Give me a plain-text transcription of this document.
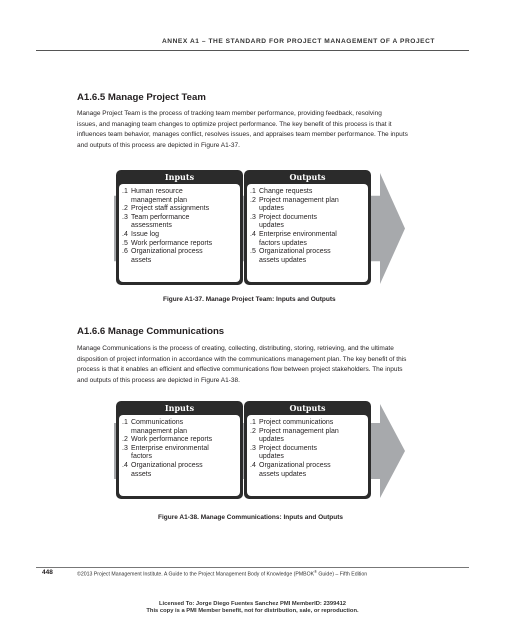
ANNEX A1 – THE STANDARD FOR PROJECT MANAGEMENT OF A PROJECT
A1.6.5 Manage Project Team
Manage Project Team is the process of tracking team member performance, providing feedback, resolving
issues, and managing team changes to optimize project performance. The key benefit of this process is that it
influences team behavior, manages conflict, resolves issues, and appraises team member performance. The inputs
and outputs of this process are depicted in Figure A1-37.
Inputs	Outputs
.1 Human resource
management plan
.2 Project staff assignments
.3 Team performance
assessments
.4 Issue log
.5 Work performance reports
.6 Organizational process
assets
.1 Change requests
.2 Project management plan
updates
.3 Project documents
updates
.4 Enterprise environmental
factors updates
.5 Organizational process
assets updates
Figure A1-37. Manage Project Team: Inputs and Outputs
A1.6.6 Manage Communications
Manage Communications is the process of creating, collecting, distributing, storing, retrieving, and the ultimate
disposition of project information in accordance with the communications management plan. The key benefit of this
process is that it enables an efficient and effective communications flow between project stakeholders. The inputs
and outputs of this process are depicted in Figure A1-38.
Inputs	Outputs
.1 Communications
management plan
.2 Work performance reports
.3 Enterprise environmental
factors
.4 Organizational process
assets
.1 Project communications
.2 Project management plan
updates
.3 Project documents
updates
.4 Organizational process
assets updates
Figure A1-38. Manage Communications: Inputs and Outputs
448	©2013 Project Management Institute. A Guide to the Project Management Body of Knowledge (PMBOK® Guide) – Fifth Edition
Licensed To: Jorge Diego Fuentes Sanchez PMI MemberID: 2399412
This copy is a PMI Member benefit, not for distribution, sale, or reproduction.
